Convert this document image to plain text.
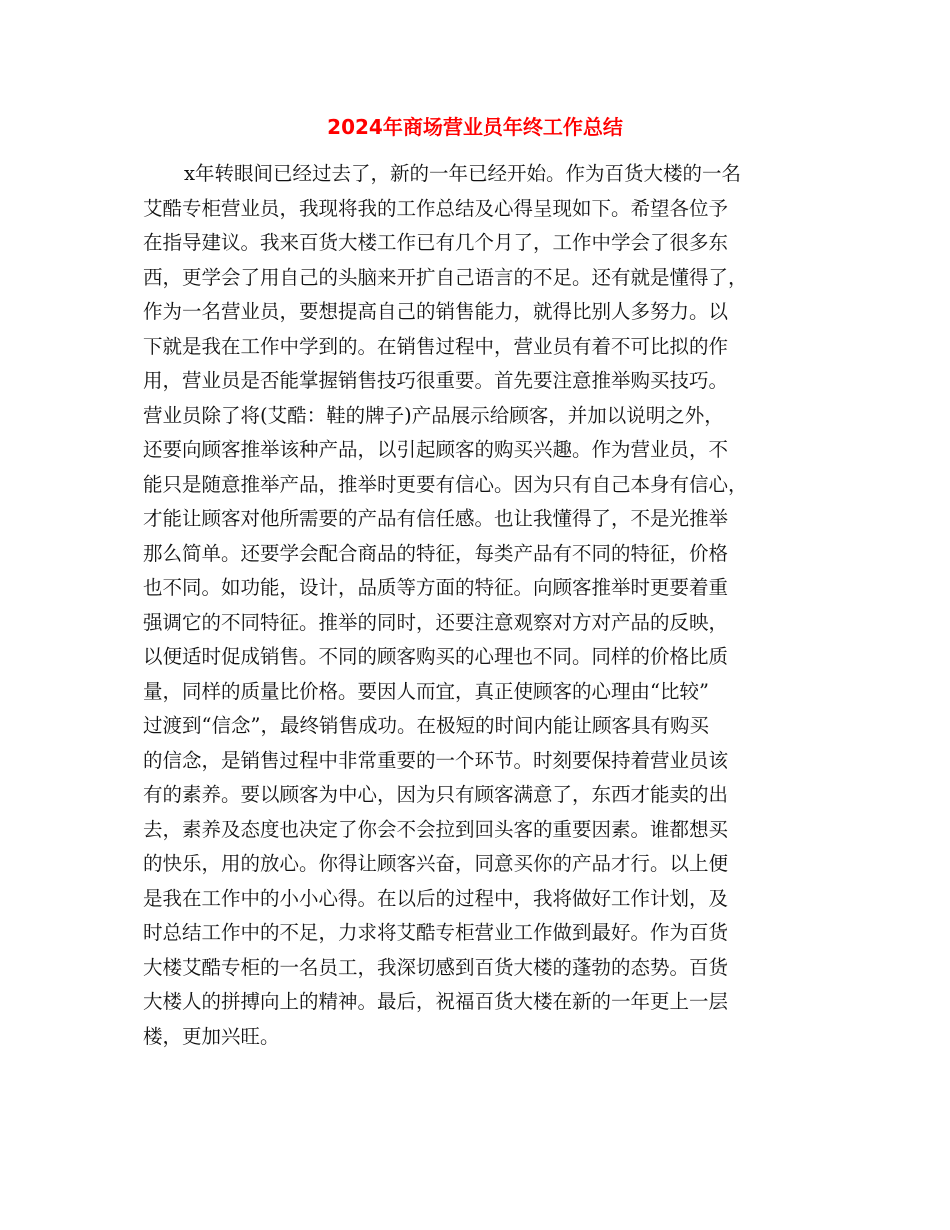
2024年商场营业员年终工作总结
x年转眼间已经过去了，新的一年已经开始。作为百货大楼的一名
艾酷专柜营业员，我现将我的工作总结及心得呈现如下。希望各位予
在指导建议。我来百货大楼工作已有几个月了，工作中学会了很多东
西，更学会了用自己的头脑来开扩自己语言的不足。还有就是懂得了，
作为一名营业员，要想提高自己的销售能力，就得比别人多努力。以
下就是我在工作中学到的。在销售过程中，营业员有着不可比拟的作
用，营业员是否能掌握销售技巧很重要。首先要注意推举购买技巧。
营业员除了将(艾酷：鞋的牌子)产品展示给顾客，并加以说明之外，
还要向顾客推举该种产品，以引起顾客的购买兴趣。作为营业员，不
能只是随意推举产品，推举时更要有信心。因为只有自己本身有信心，
才能让顾客对他所需要的产品有信任感。也让我懂得了，不是光推举
那么简单。还要学会配合商品的特征，每类产品有不同的特征，价格
也不同。如功能，设计，品质等方面的特征。向顾客推举时更要着重
强调它的不同特征。推举的同时，还要注意观察对方对产品的反映，
以便适时促成销售。不同的顾客购买的心理也不同。同样的价格比质
量，同样的质量比价格。要因人而宜，真正使顾客的心理由“比较”
过渡到“信念”，最终销售成功。在极短的时间内能让顾客具有购买
的信念，是销售过程中非常重要的一个环节。时刻要保持着营业员该
有的素养。要以顾客为中心，因为只有顾客满意了，东西才能卖的出
去，素养及态度也决定了你会不会拉到回头客的重要因素。谁都想买
的快乐，用的放心。你得让顾客兴奋，同意买你的产品才行。以上便
是我在工作中的小小心得。在以后的过程中，我将做好工作计划，及
时总结工作中的不足，力求将艾酷专柜营业工作做到最好。作为百货
大楼艾酷专柜的一名员工，我深切感到百货大楼的蓬勃的态势。百货
大楼人的拼搏向上的精神。最后，祝福百货大楼在新的一年更上一层
楼，更加兴旺。
